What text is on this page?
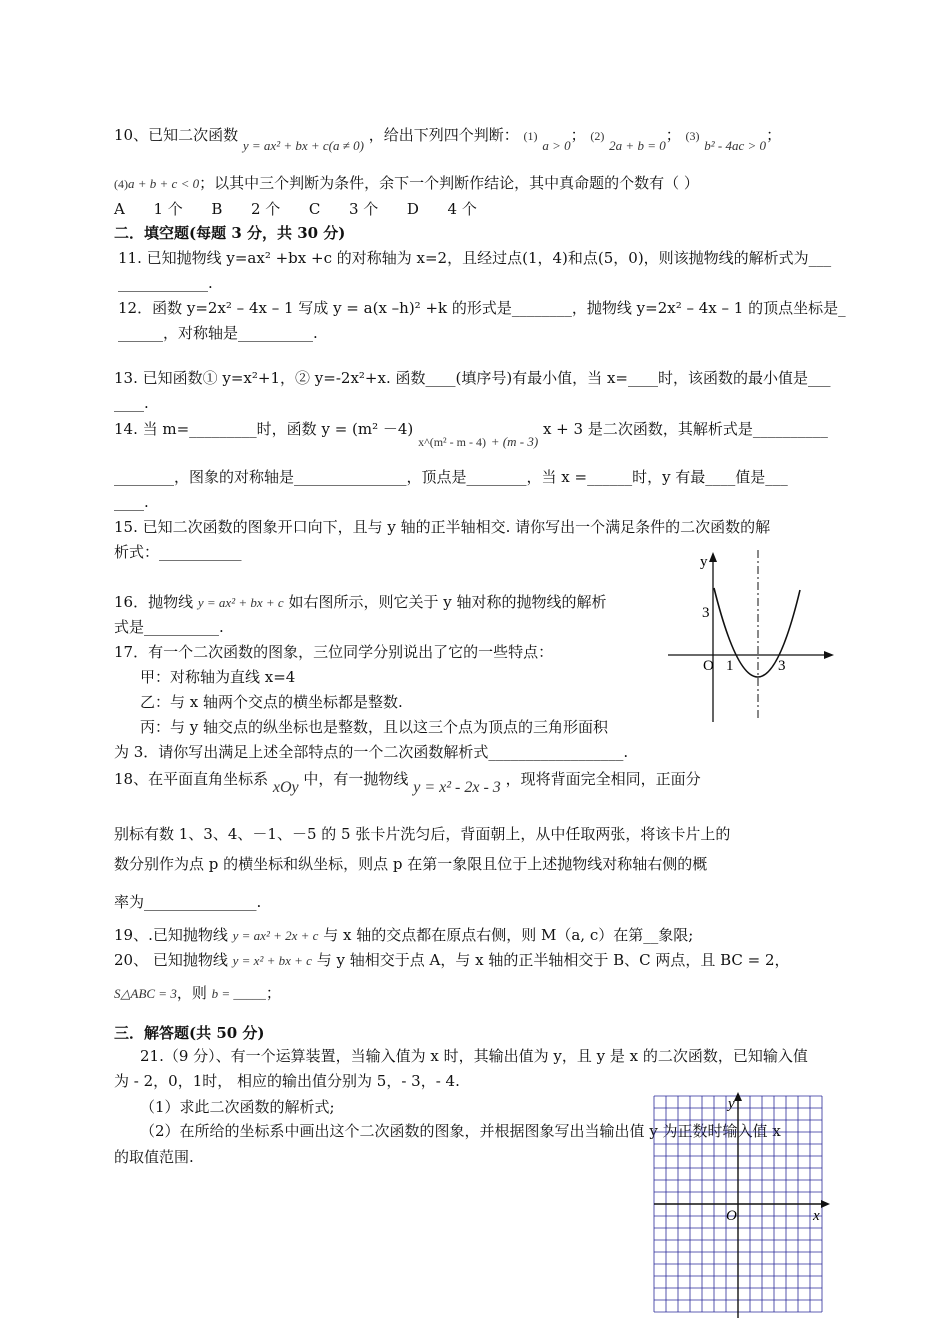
10、已知二次函数 y = ax² + bx + c(a ≠ 0) ，给出下列四个判断： (1) a > 0； (2) 2a + b = 0； (3) b² - 4ac > 0；
(4)a + b + c < 0；以其中三个判断为条件，余下一个判断作结论，其中真命题的个数有（ ）
A      1 个      B      2 个      C      3 个      D      4 个
二．填空题(每题 3 分，共 30 分)
11. 已知抛物线 y=ax² +bx +c 的对称轴为 x=2，且经过点(1，4)和点(5，0)，则该抛物线的解析式为___
____________.
12．函数 y=2x² – 4x – 1 写成 y = a(x –h)² +k 的形式是________，抛物线 y=2x² – 4x – 1 的顶点坐标是_
______，对称轴是__________.
13. 已知函数① y=x²+1，② y=-2x²+x. 函数____(填序号)有最小值，当 x=____时，该函数的最小值是___
____.
14. 当 m=_________时，函数 y = (m² －4) $_{x\^{}(m^2 - m - 4)}$ + (m - 3) x + 3 是二次函数，其解析式是__________
________，图象的对称轴是_______________，顶点是________，当 x =______时，y 有最____值是___
____.
15. 已知二次函数的图象开口向下，且与 y 轴的正半轴相交. 请你写出一个满足条件的二次函数的解
析式：___________
16．抛物线 y = ax² + bx + c 如右图所示，则它关于 y 轴对称的抛物线的解析
式是__________.
17．有一个二次函数的图象，三位同学分别说出了它的一些特点：
甲：对称轴为直线 x=4
乙：与 x 轴两个交点的横坐标都是整数.
丙：与 y 轴交点的纵坐标也是整数，且以这三个点为顶点的三角形面积
为 3．请你写出满足上述全部特点的一个二次函数解析式__________________.
18、在平面直角坐标系 xOy 中，有一抛物线 y = x² - 2x - 3 ，现将背面完全相同，正面分
别标有数 1、3、4、－1、－5 的 5 张卡片洗匀后，背面朝上，从中任取两张，将该卡片上的
数分别作为点 p 的横坐标和纵坐标，则点 p 在第一象限且位于上述抛物线对称轴右侧的概
率为_______________.
19、.已知抛物线 y = ax² + 2x + c 与 x 轴的交点都在原点右侧，则 M（a, c）在第__象限;
20、 已知抛物线 y = x² + bx + c 与 y 轴相交于点 A，与 x 轴的正半轴相交于 B、C 两点，且 BC = 2，
S△ABC = 3，则 b = _____；
三．解答题(共 50 分)
21.（9 分）、有一个运算装置，当输入值为 x 时，其输出值为 y，且 y 是 x 的二次函数，已知输入值
为 - 2，0，1时， 相应的输出值分别为 5，- 3，- 4.
（1）求此二次函数的解析式;
（2）在所给的坐标系中画出这个二次函数的图象，并根据图象写出当输出值 y 为正数时输入值 x
的取值范围.
y
O 1	3
3
y
x
O
